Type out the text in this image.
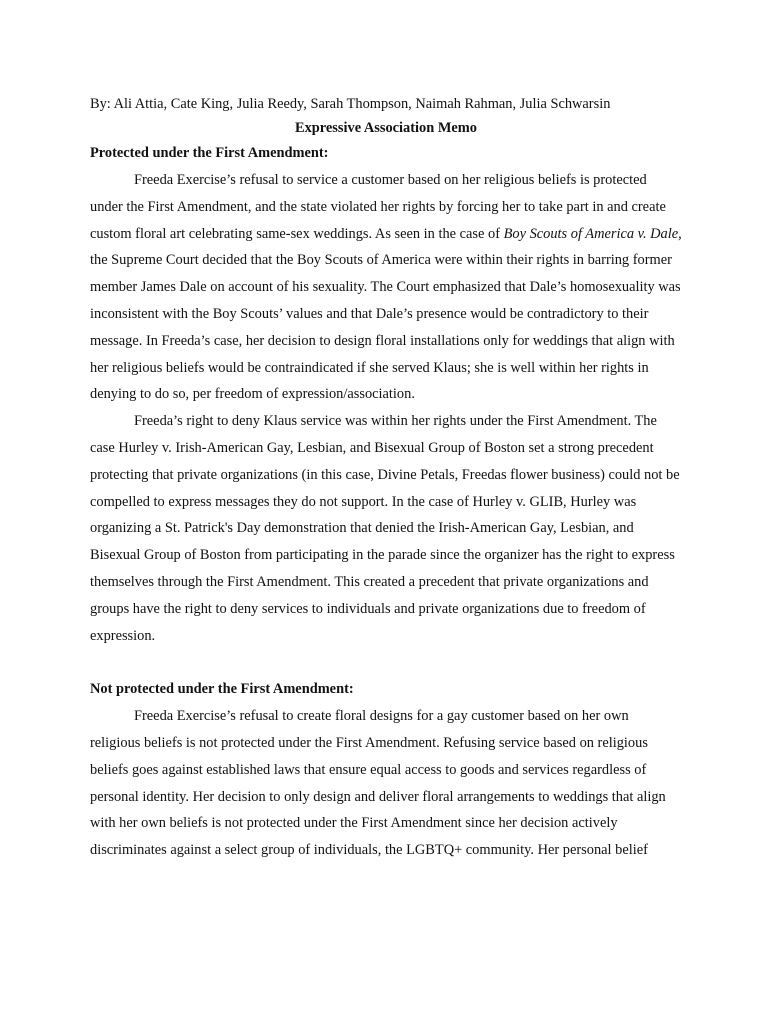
By: Ali Attia, Cate King, Julia Reedy, Sarah Thompson, Naimah Rahman, Julia Schwarsin
Expressive Association Memo
Protected under the First Amendment:

Freeda Exercise’s refusal to service a customer based on her religious beliefs is protected under the First Amendment, and the state violated her rights by forcing her to take part in and create custom floral art celebrating same-sex weddings. As seen in the case of Boy Scouts of America v. Dale, the Supreme Court decided that the Boy Scouts of America were within their rights in barring former member James Dale on account of his sexuality. The Court emphasized that Dale’s homosexuality was inconsistent with the Boy Scouts’ values and that Dale’s presence would be contradictory to their message. In Freeda’s case, her decision to design floral installations only for weddings that align with her religious beliefs would be contraindicated if she served Klaus; she is well within her rights in denying to do so, per freedom of expression/association.

Freeda’s right to deny Klaus service was within her rights under the First Amendment. The case Hurley v. Irish-American Gay, Lesbian, and Bisexual Group of Boston set a strong precedent protecting that private organizations (in this case, Divine Petals, Freedas flower business) could not be compelled to express messages they do not support. In the case of Hurley v. GLIB, Hurley was organizing a St. Patrick's Day demonstration that denied the Irish-American Gay, Lesbian, and Bisexual Group of Boston from participating in the parade since the organizer has the right to express themselves through the First Amendment. This created a precedent that private organizations and groups have the right to deny services to individuals and private organizations due to freedom of expression.

Not protected under the First Amendment:

Freeda Exercise’s refusal to create floral designs for a gay customer based on her own religious beliefs is not protected under the First Amendment. Refusing service based on religious beliefs goes against established laws that ensure equal access to goods and services regardless of personal identity. Her decision to only design and deliver floral arrangements to weddings that align with her own beliefs is not protected under the First Amendment since her decision actively discriminates against a select group of individuals, the LGBTQ+ community. Her personal belief
